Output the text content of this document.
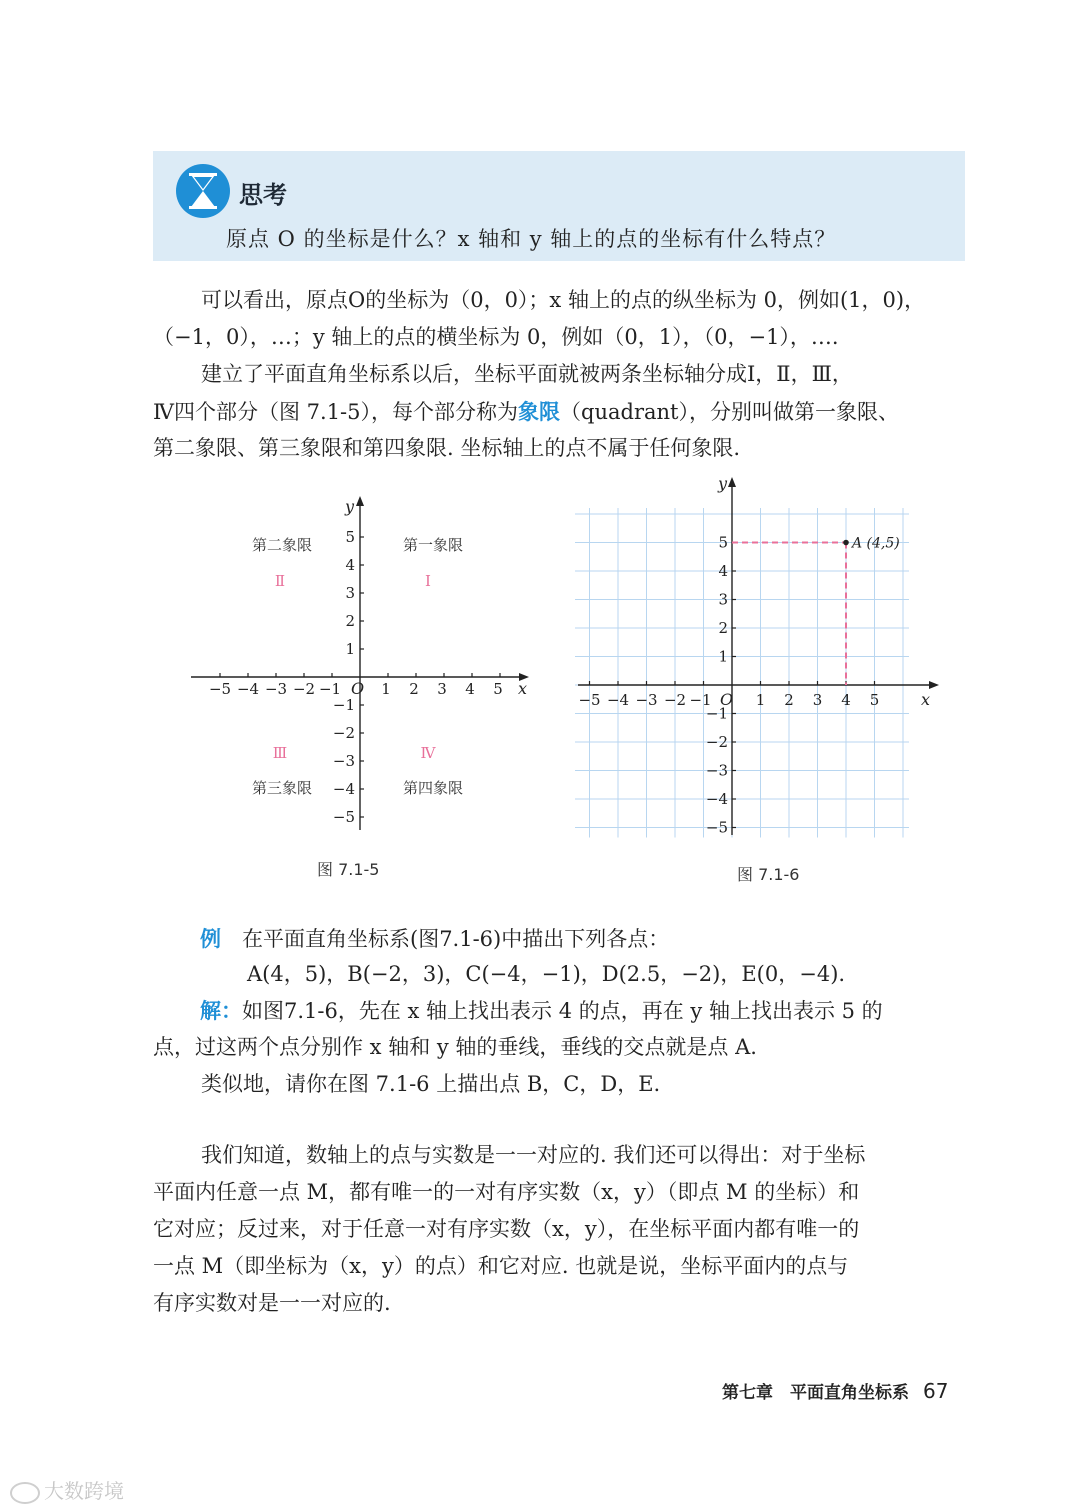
思考
原点 O 的坐标是什么？x 轴和 y 轴上的点的坐标有什么特点？

可以看出，原点O的坐标为（0，0）；x 轴上的点的纵坐标为 0，例如(1，0)，

（−1，0），…；y 轴上的点的横坐标为 0，例如（0，1），（0，−1），….

建立了平面直角坐标系以后，坐标平面就被两条坐标轴分成Ⅰ，Ⅱ，Ⅲ，

Ⅳ四个部分（图 7.1-5），每个部分称为象限（quadrant），分别叫做第一象限、

第二象限、第三象限和第四象限. 坐标轴上的点不属于任何象限.

−5 −4 −3 −2 −1	1 2 3 4 5
5
4
3
2
1
−1
−2
−3
−4
−5
O	x
y
第一象限
第二象限
第三象限	第四象限
Ⅰ
Ⅱ
Ⅲ	Ⅳ
图 7.1-5
−5 −4 −3 −2 −1	1 2 3 4 5
5
4
3
2
1
−1
−2
−3
−4
−5
O	x
y
A (4,5)
图 7.1-6

例　 在平面直角坐标系(图7.1-6)中描出下列各点：

A(4，5)，B(−2，3)，C(−4，−1)，D(2.5，−2)，E(0，−4).

解：如图7.1-6，先在 x 轴上找出表示 4 的点，再在 y 轴上找出表示 5 的

点，过这两个点分别作 x 轴和 y 轴的垂线，垂线的交点就是点 A.

类似地，请你在图 7.1-6 上描出点 B，C，D，E.

我们知道，数轴上的点与实数是一一对应的. 我们还可以得出：对于坐标

平面内任意一点 M，都有唯一的一对有序实数（x，y）（即点 M 的坐标）和

它对应；反过来，对于任意一对有序实数（x，y），在坐标平面内都有唯一的

一点 M（即坐标为（x，y）的点）和它对应. 也就是说，坐标平面内的点与

有序实数对是一一对应的.

第七章　平面直角坐标系 67
大数跨境
